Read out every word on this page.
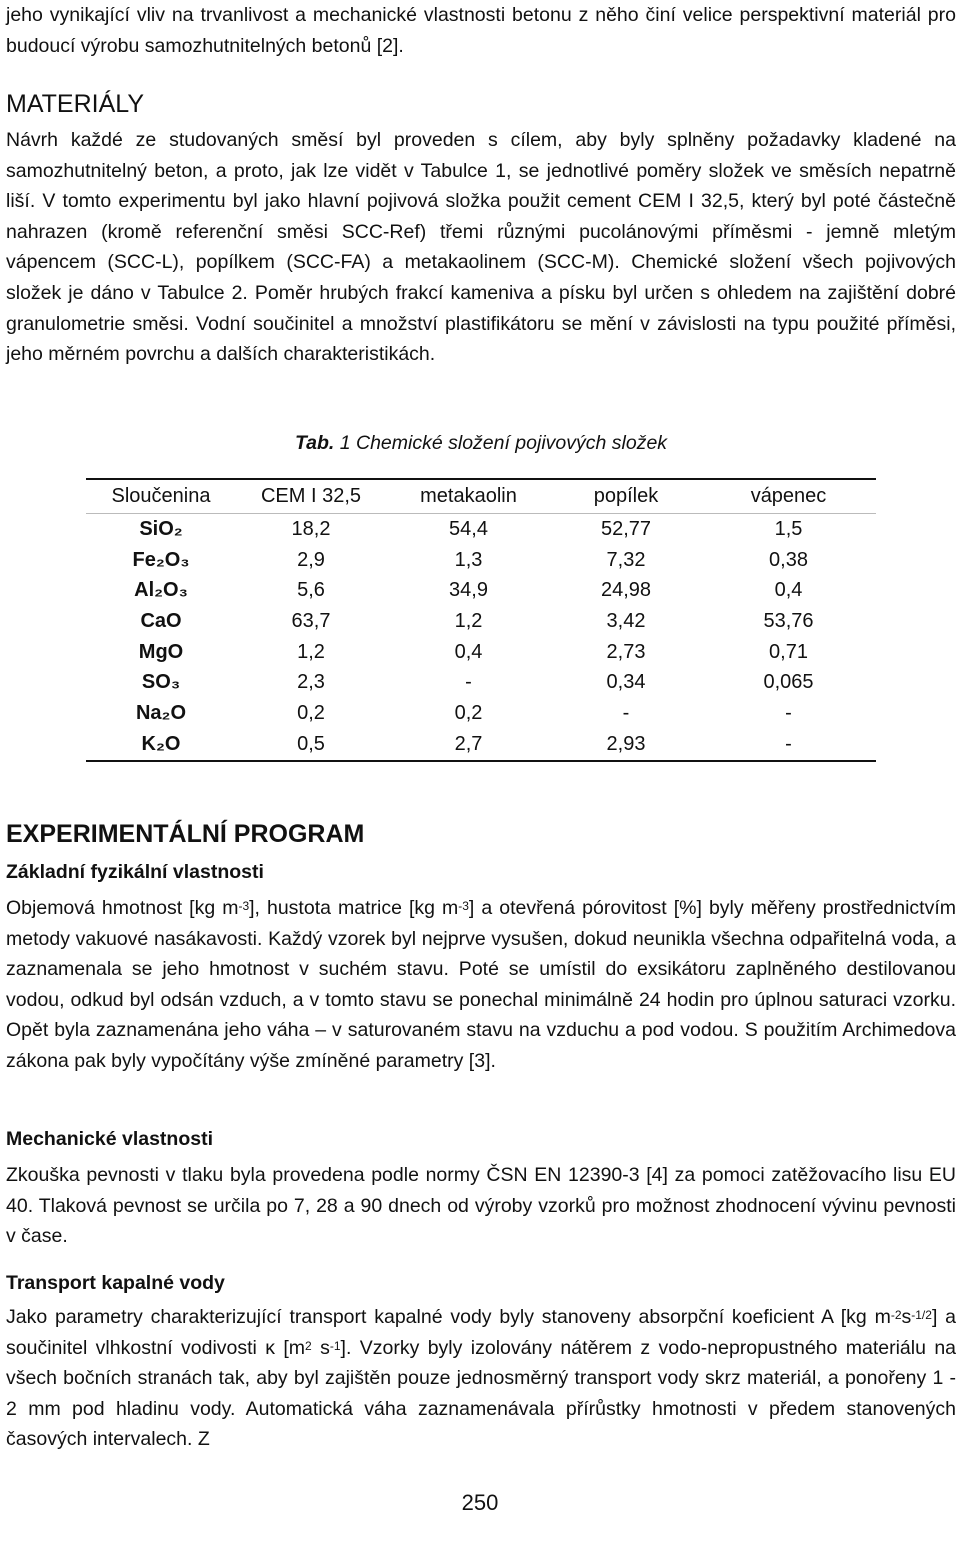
jeho vynikající vliv na trvanlivost a mechanické vlastnosti betonu z něho činí velice perspektivní materiál pro budoucí výrobu samozhutnitelných betonů [2].

MATERIÁLY

Návrh každé ze studovaných směsí byl proveden s cílem, aby byly splněny požadavky kladené na samozhutnitelný beton, a proto, jak lze vidět v Tabulce 1, se jednotlivé poměry složek ve směsích nepatrně liší. V tomto experimentu byl jako hlavní pojivová složka použit cement CEM I 32,5, který byl poté částečně nahrazen (kromě referenční směsi SCC-Ref) třemi různými pucolánovými příměsmi - jemně mletým vápencem (SCC-L), popílkem (SCC-FA) a metakaolinem (SCC-M). Chemické složení všech pojivových složek je dáno v Tabulce 2. Poměr hrubých frakcí kameniva a písku byl určen s ohledem na zajištění dobré granulometrie směsi. Vodní součinitel a množství plastifikátoru se mění v závislosti na typu použité příměsi, jeho měrném povrchu a dalších charakteristikách.

Tab. 1 Chemické složení pojivových složek
Sloučenina	CEM I 32,5	metakaolin	popílek	vápenec
SiO₂	18,2	54,4	52,77	1,5
Fe₂O₃	2,9	1,3	7,32	0,38
Al₂O₃	5,6	34,9	24,98	0,4
CaO	63,7	1,2	3,42	53,76
MgO	1,2	0,4	2,73	0,71
SO₃	2,3	-	0,34	0,065
Na₂O	0,2	0,2	-	-
K₂O	0,5	2,7	2,93	-
EXPERIMENTÁLNÍ PROGRAM
Základní fyzikální vlastnosti

Objemová hmotnost [kg $m^{-3}$], hustota matrice [kg $m^{-3}$] a otevřená pórovitost [%] byly měřeny prostřednictvím metody vakuové nasákavosti. Každý vzorek byl nejprve vysušen, dokud neunikla všechna odpařitelná voda, a zaznamenala se jeho hmotnost v suchém stavu. Poté se umístil do exsikátoru zaplněného destilovanou vodou, odkud byl odsán vzduch, a v tomto stavu se ponechal minimálně 24 hodin pro úplnou saturaci vzorku. Opět byla zaznamenána jeho váha – v saturovaném stavu na vzduchu a pod vodou. S použitím Archimedova zákona pak byly vypočítány výše zmíněné parametry [3].

Mechanické vlastnosti

Zkouška pevnosti v tlaku byla provedena podle normy ČSN EN 12390-3 [4] za pomoci zatěžovacího lisu EU 40. Tlaková pevnost se určila po 7, 28 a 90 dnech od výroby vzorků pro možnost zhodnocení vývinu pevnosti v čase.

Transport kapalné vody

Jako parametry charakterizující transport kapalné vody byly stanoveny absorpční koeficient A [kg $m^{-2}s^{-1/2}$] a součinitel vlhkostní vodivosti κ [$m^2$ $s^{-1}$]. Vzorky byly izolovány nátěrem z vodo-nepropustného materiálu na všech bočních stranách tak, aby byl zajištěn pouze jednosměrný transport vody skrz materiál, a ponořeny 1 - 2 mm pod hladinu vody. Automatická váha zaznamenávala přírůstky hmotnosti v předem stanovených časových intervalech. Z

250
